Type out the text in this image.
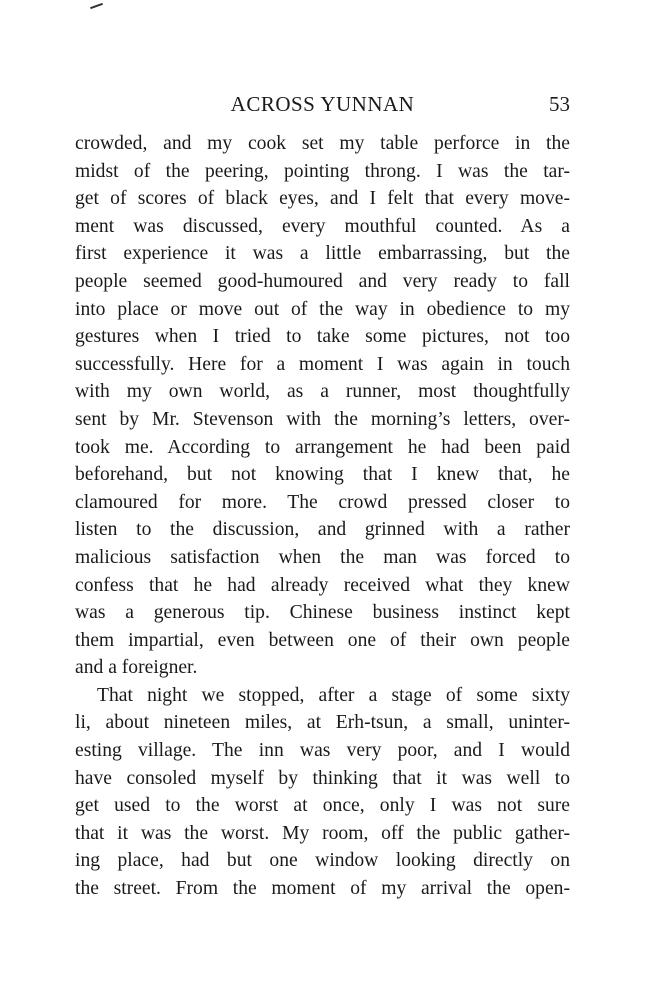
ACROSS YUNNAN	53
crowded, and my cook set my table perforce in the
midst of the peering, pointing throng. I was the tar-
get of scores of black eyes, and I felt that every move-
ment was discussed, every mouthful counted. As a
first experience it was a little embarrassing, but the
people seemed good-humoured and very ready to fall
into place or move out of the way in obedience to my
gestures when I tried to take some pictures, not too
successfully. Here for a moment I was again in touch
with my own world, as a runner, most thoughtfully
sent by Mr. Stevenson with the morning’s letters, over-
took me. According to arrangement he had been paid
beforehand, but not knowing that I knew that, he
clamoured for more. The crowd pressed closer to
listen to the discussion, and grinned with a rather
malicious satisfaction when the man was forced to
confess that he had already received what they knew
was a generous tip. Chinese business instinct kept
them impartial, even between one of their own people
and a foreigner.
That night we stopped, after a stage of some sixty
li, about nineteen miles, at Erh-tsun, a small, uninter-
esting village. The inn was very poor, and I would
have consoled myself by thinking that it was well to
get used to the worst at once, only I was not sure
that it was the worst. My room, off the public gather-
ing place, had but one window looking directly on
the street. From the moment of my arrival the open-
